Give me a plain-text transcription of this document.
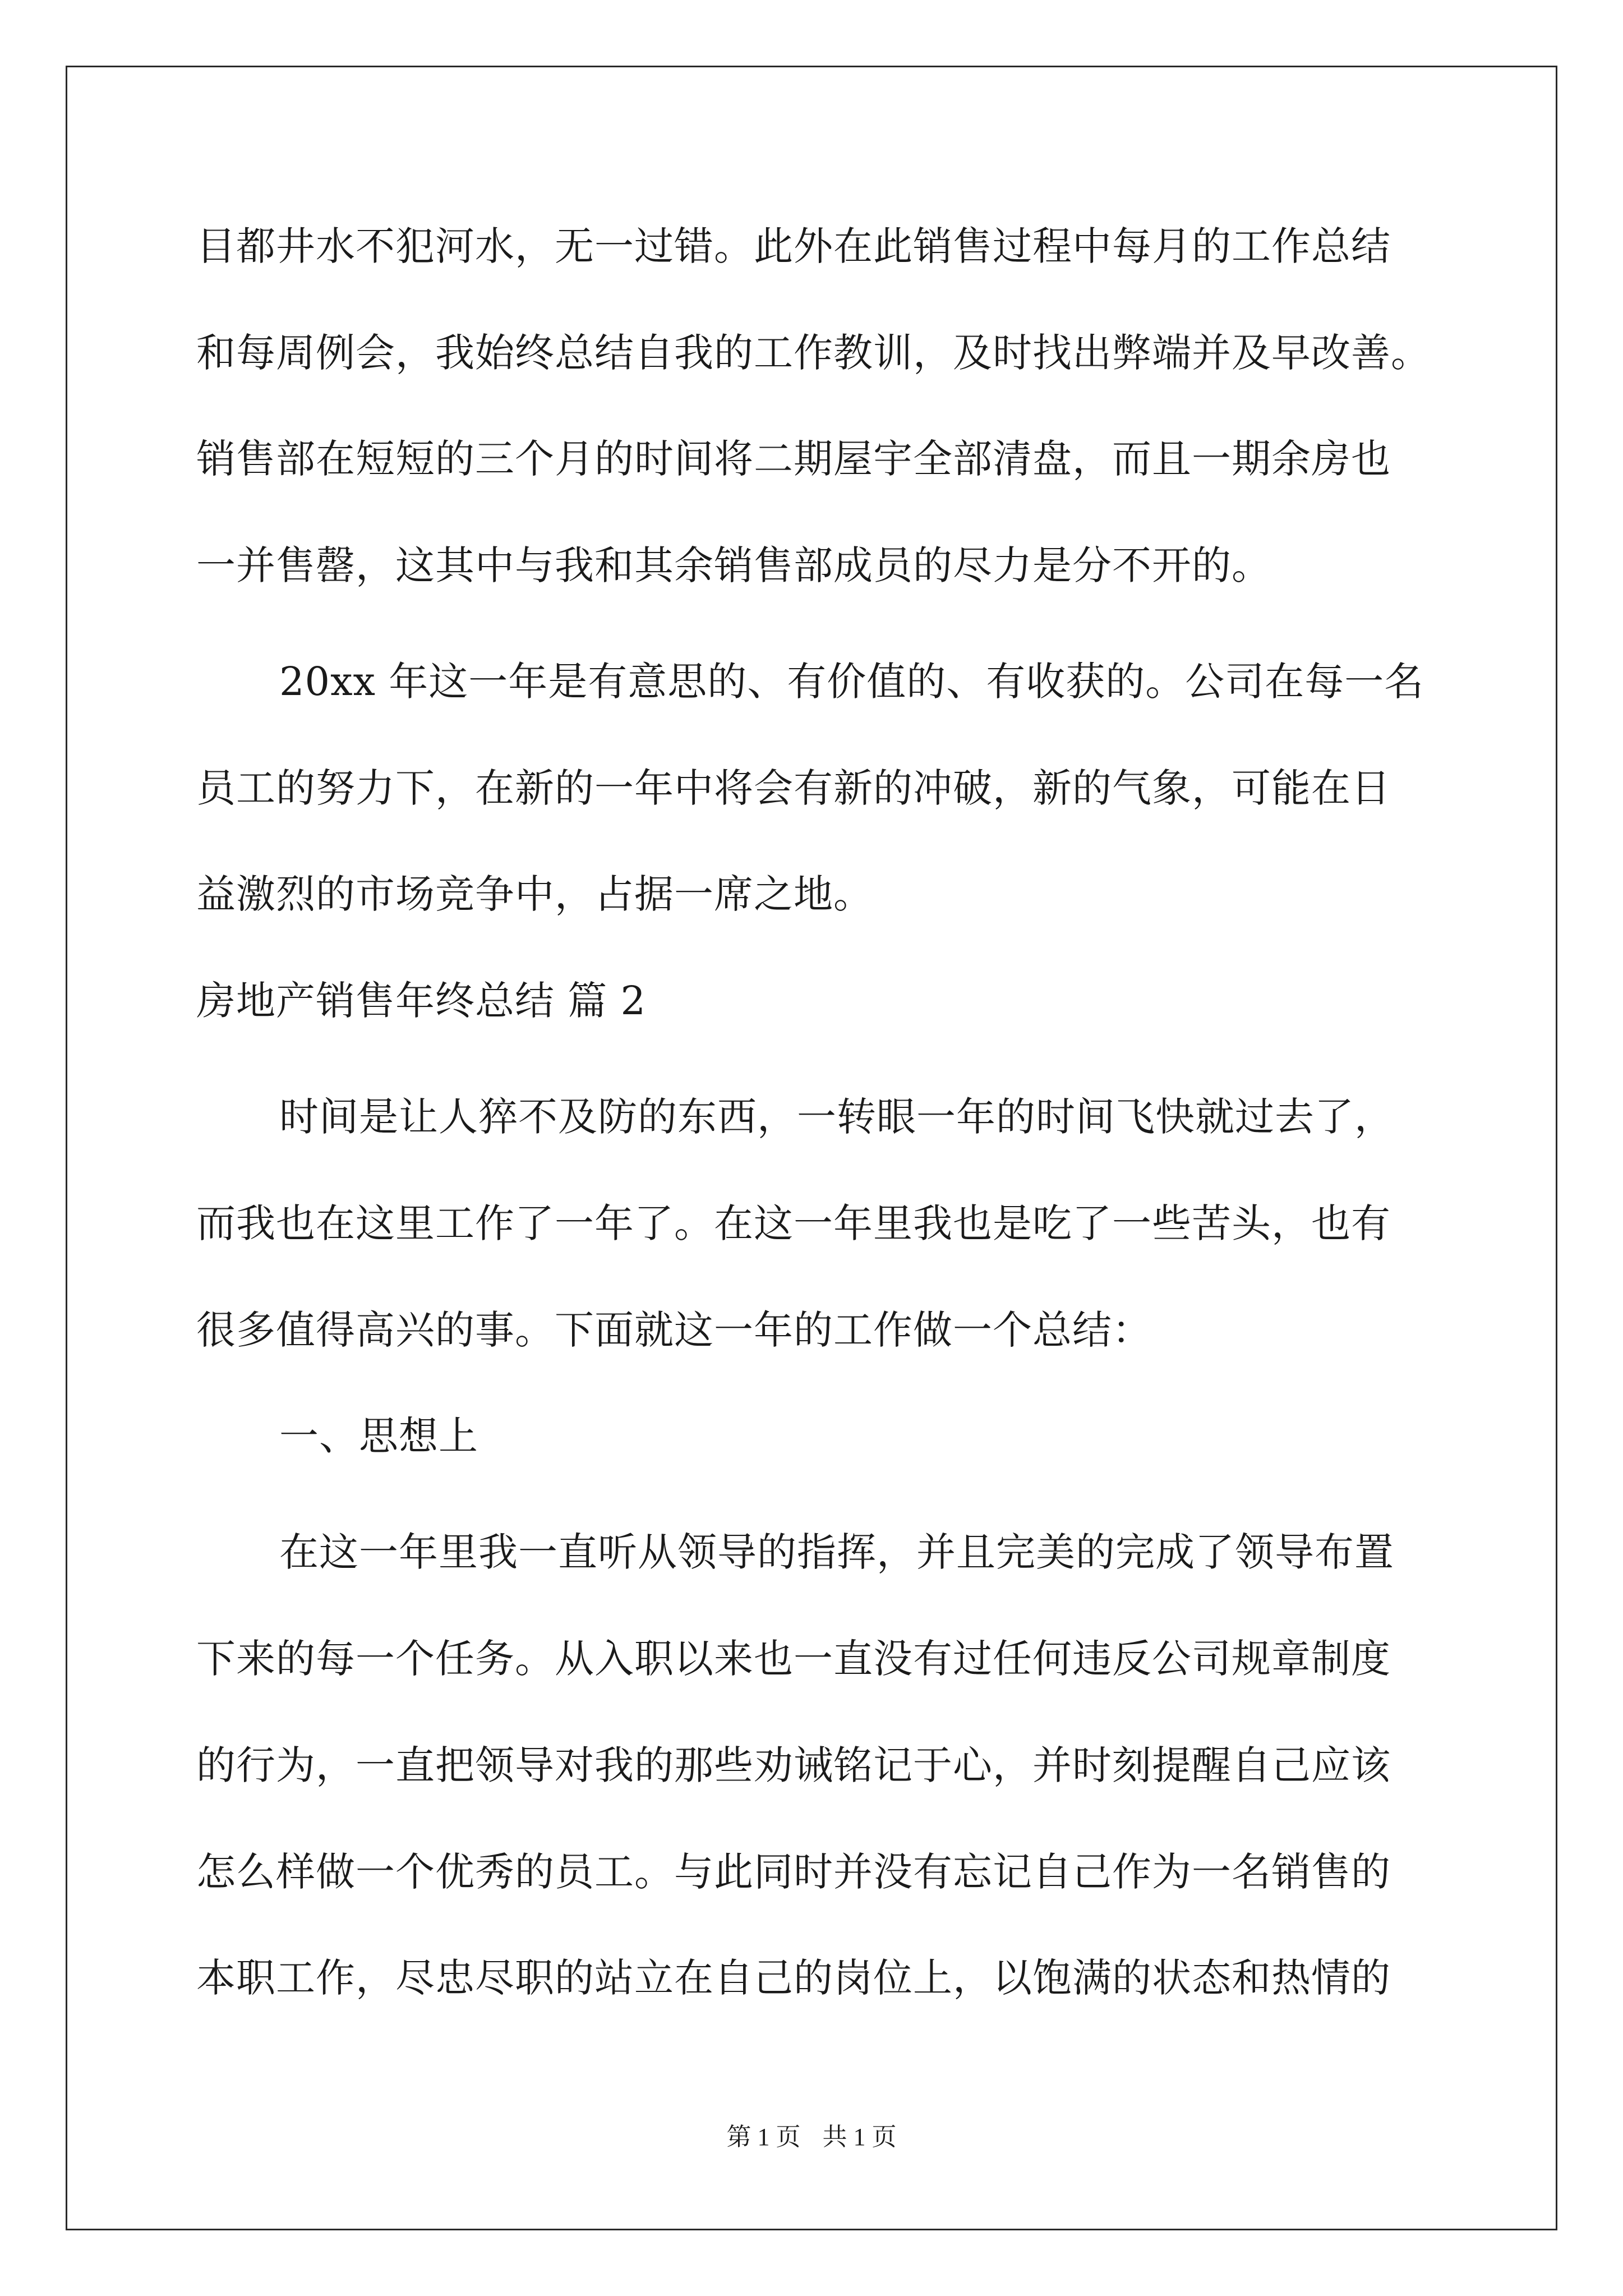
目都井水不犯河水，无一过错。此外在此销售过程中每月的工作总结
和每周例会，我始终总结自我的工作教训，及时找出弊端并及早改善。
销售部在短短的三个月的时间将二期屋宇全部清盘，而且一期余房也
一并售罄，这其中与我和其余销售部成员的尽力是分不开的。
20xx 年这一年是有意思的、有价值的、有收获的。公司在每一名
员工的努力下，在新的一年中将会有新的冲破，新的气象，可能在日
益激烈的市场竞争中，占据一席之地。
房地产销售年终总结 篇 2
时间是让人猝不及防的东西，一转眼一年的时间飞快就过去了，
而我也在这里工作了一年了。在这一年里我也是吃了一些苦头，也有
很多值得高兴的事。下面就这一年的工作做一个总结：
一、思想上
在这一年里我一直听从领导的指挥，并且完美的完成了领导布置
下来的每一个任务。从入职以来也一直没有过任何违反公司规章制度
的行为，一直把领导对我的那些劝诫铭记于心，并时刻提醒自己应该
怎么样做一个优秀的员工。与此同时并没有忘记自己作为一名销售的
本职工作，尽忠尽职的站立在自己的岗位上，以饱满的状态和热情的
第 1 页 共 1 页
